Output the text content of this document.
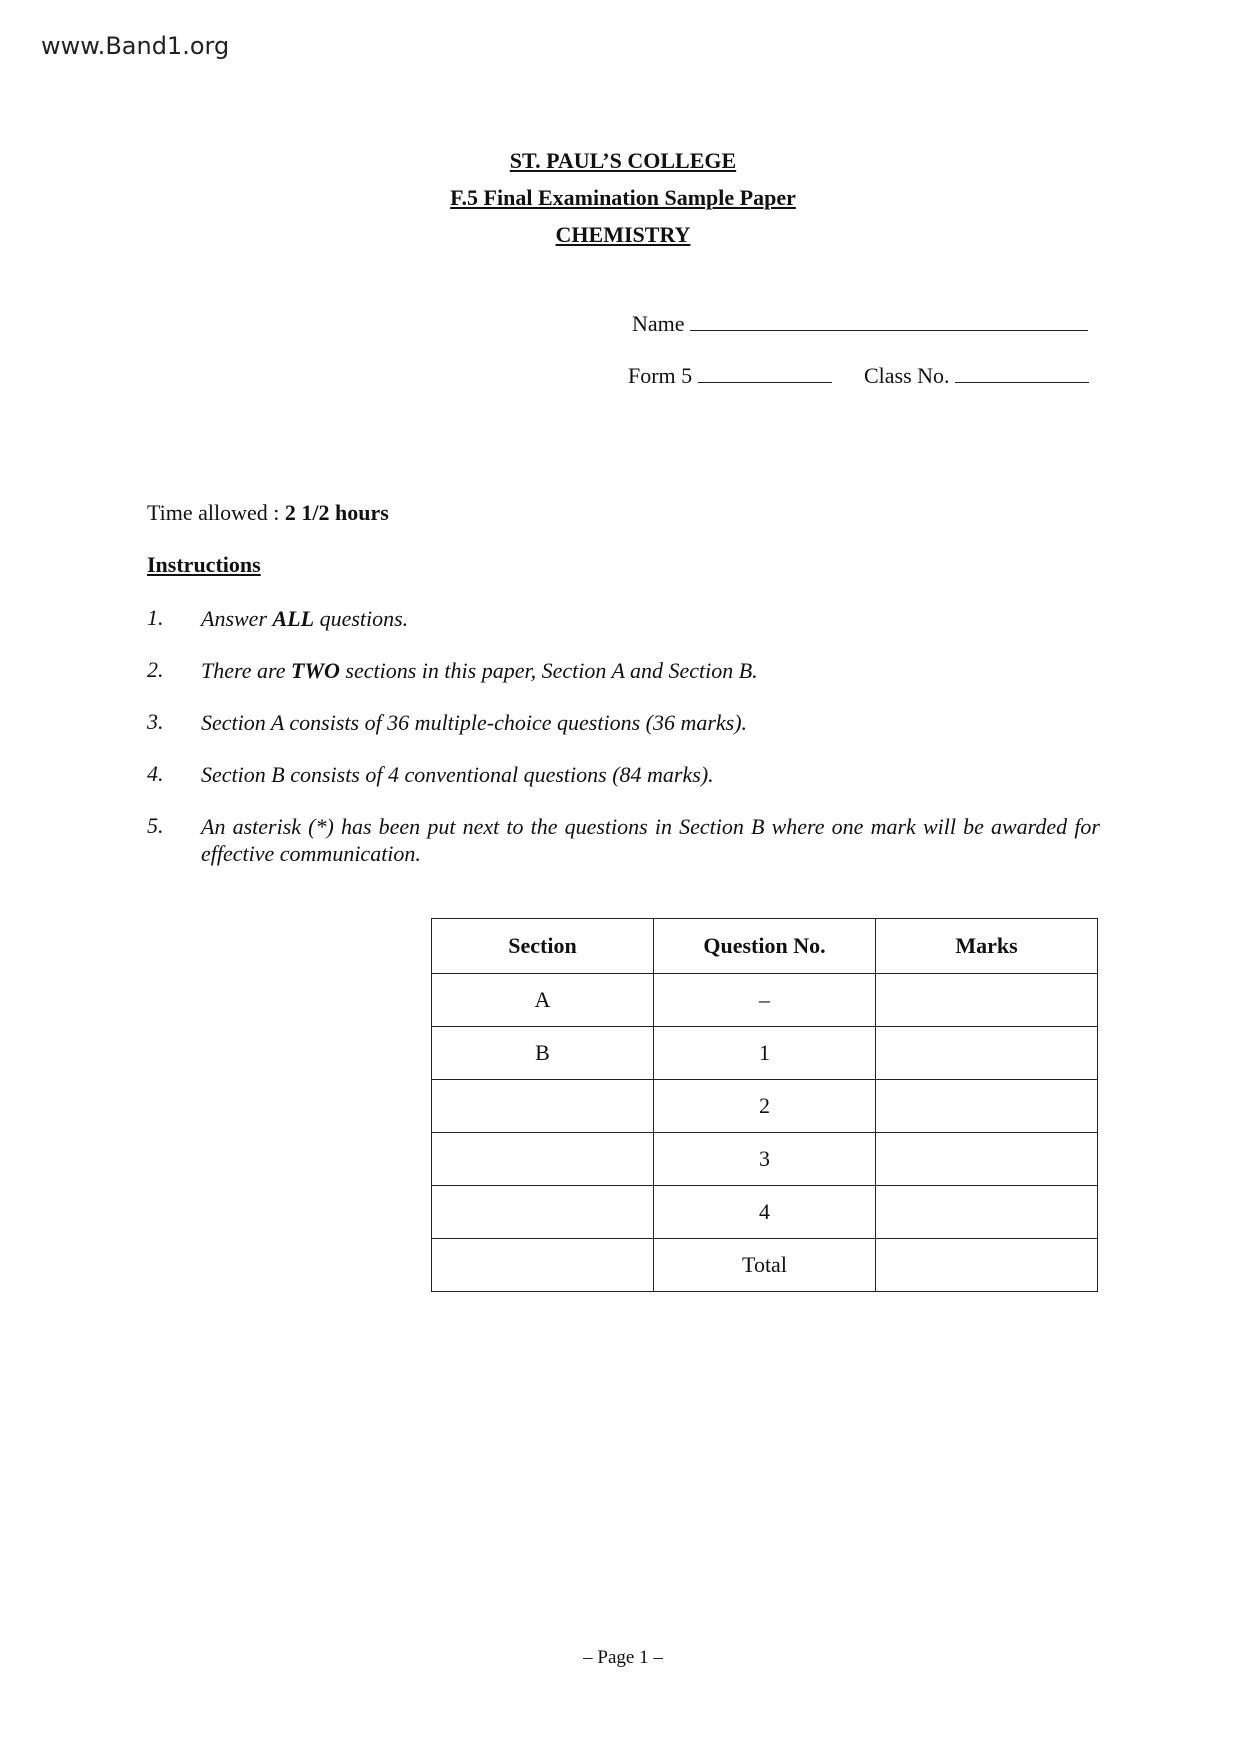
www.Band1.org
ST. PAUL’S COLLEGE
F.5 Final Examination Sample Paper
CHEMISTRY
Name
Form 5	Class No.
Time allowed : 2 1/2 hours
Instructions
1. Answer ALL questions.
2. There are TWO sections in this paper, Section A and Section B.
3. Section A consists of 36 multiple-choice questions (36 marks).
4. Section B consists of 4 conventional questions (84 marks).
5. An asterisk (*) has been put next to the questions in Section B where one mark will be awarded for effective communication.
Section	Question No.	Marks
A	–	
B	1	
	2	
	3	
	4	
	Total	
– Page 1 –
